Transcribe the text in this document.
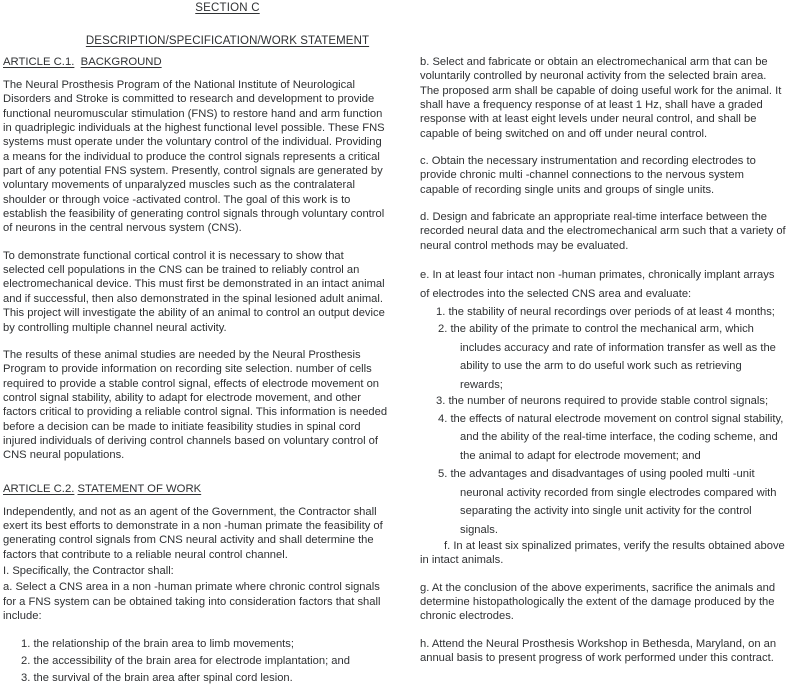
SECTION C
DESCRIPTION/SPECIFICATION/WORK STATEMENT
ARTICLE C.1. BACKGROUND

The Neural Prosthesis Program of the National Institute of Neurological Disorders and Stroke is committed to research and development to provide functional neuromuscular stimulation (FNS) to restore hand and arm function in quadriplegic individuals at the highest functional level possible. These FNS systems must operate under the voluntary control of the individual. Providing a means for the individual to produce the control signals represents a critical part of any potential FNS system. Presently, control signals are generated by voluntary movements of unparalyzed muscles such as the contralateral shoulder or through voice -activated control. The goal of this work is to establish the feasibility of generating control signals through voluntary control of neurons in the central nervous system (CNS).

To demonstrate functional cortical control it is necessary to show that selected cell populations in the CNS can be trained to reliably control an electromechanical device. This must first be demonstrated in an intact animal and if successful, then also demonstrated in the spinal lesioned adult animal. This project will investigate the ability of an animal to control an output device by controlling multiple channel neural activity.

The results of these animal studies are needed by the Neural Prosthesis Program to provide information on recording site selection. number of cells required to provide a stable control signal, effects of electrode movement on control signal stability, ability to adapt for electrode movement, and other factors critical to providing a reliable control signal. This information is needed before a decision can be made to initiate feasibility studies in spinal cord injured individuals of deriving control channels based on voluntary control of CNS neural populations.

ARTICLE C.2. STATEMENT OF WORK

Independently, and not as an agent of the Government, the Contractor shall exert its best efforts to demonstrate in a non -human primate the feasibility of generating control signals from CNS neural activity and shall determine the factors that contribute to a reliable neural control channel.

I. Specifically, the Contractor shall:

a. Select a CNS area in a non -human primate where chronic control signals for a FNS system can be obtained taking into consideration factors that shall include:

1. the relationship of the brain area to limb movements;
2. the accessibility of the brain area for electrode implantation; and
3. the survival of the brain area after spinal cord lesion.

b. Select and fabricate or obtain an electromechanical arm that can be voluntarily controlled by neuronal activity from the selected brain area. The proposed arm shall be capable of doing useful work for the animal. It shall have a frequency response of at least 1 Hz, shall have a graded response with at least eight levels under neural control, and shall be capable of being switched on and off under neural control.

c. Obtain the necessary instrumentation and recording electrodes to provide chronic multi -channel connections to the nervous system capable of recording single units and groups of single units.

d. Design and fabricate an appropriate real-time interface between the recorded neural data and the electromechanical arm such that a variety of neural control methods may be evaluated.

e. In at least four intact non -human primates, chronically implant arrays of electrodes into the selected CNS area and evaluate:

1. the stability of neural recordings over periods of at least 4 months;
2. the ability of the primate to control the mechanical arm, which includes accuracy and rate of information transfer as well as the ability to use the arm to do useful work such as retrieving rewards;
3. the number of neurons required to provide stable control signals;
4. the effects of natural electrode movement on control signal stability, and the ability of the real-time interface, the coding scheme, and the animal to adapt for electrode movement; and
5. the advantages and disadvantages of using pooled multi -unit neuronal activity recorded from single electrodes compared with separating the activity into single unit activity for the control signals.

f. In at least six spinalized primates, verify the results obtained above in intact animals.

g. At the conclusion of the above experiments, sacrifice the animals and determine histopathologically the extent of the damage produced by the chronic electrodes.

h. Attend the Neural Prosthesis Workshop in Bethesda, Maryland, on an annual basis to present progress of work performed under this contract.
